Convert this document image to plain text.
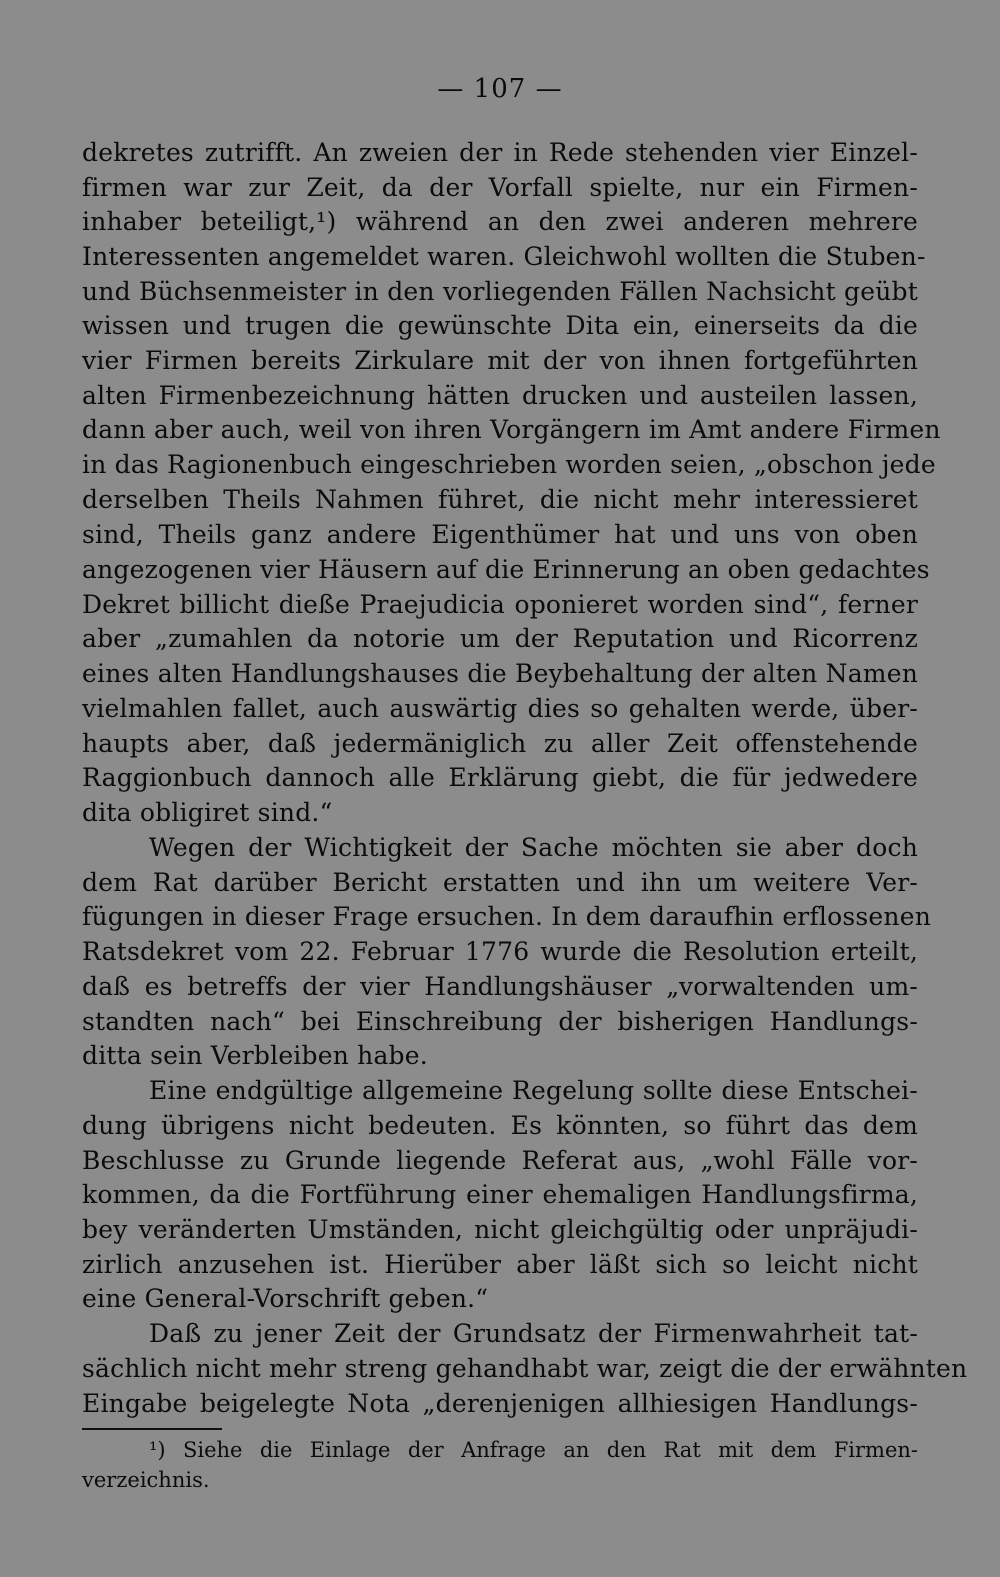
— 107 —
dekretes zutrifft. An zweien der in Rede stehenden vier Einzel-
firmen war zur Zeit, da der Vorfall spielte, nur ein Firmen-
inhaber beteiligt,¹) während an den zwei anderen mehrere
Interessenten angemeldet waren. Gleichwohl wollten die Stuben-
und Büchsenmeister in den vorliegenden Fällen Nachsicht geübt
wissen und trugen die gewünschte Dita ein, einerseits da die
vier Firmen bereits Zirkulare mit der von ihnen fortgeführten
alten Firmenbezeichnung hätten drucken und austeilen lassen,
dann aber auch, weil von ihren Vorgängern im Amt andere Firmen
in das Ragionenbuch eingeschrieben worden seien, „obschon jede
derselben Theils Nahmen führet, die nicht mehr interessieret
sind, Theils ganz andere Eigenthümer hat und uns von oben
angezogenen vier Häusern auf die Erinnerung an oben gedachtes
Dekret billicht dieße Praejudicia oponieret worden sind“, ferner
aber „zumahlen da notorie um der Reputation und Ricorrenz
eines alten Handlungshauses die Beybehaltung der alten Namen
vielmahlen fallet, auch auswärtig dies so gehalten werde, über-
haupts aber, daß jedermäniglich zu aller Zeit offenstehende
Raggionbuch dannoch alle Erklärung giebt, die für jedwedere
dita obligiret sind.“
Wegen der Wichtigkeit der Sache möchten sie aber doch
dem Rat darüber Bericht erstatten und ihn um weitere Ver-
fügungen in dieser Frage ersuchen. In dem daraufhin erflossenen
Ratsdekret vom 22. Februar 1776 wurde die Resolution erteilt,
daß es betreffs der vier Handlungshäuser „vorwaltenden um-
standten nach“ bei Einschreibung der bisherigen Handlungs-
ditta sein Verbleiben habe.
Eine endgültige allgemeine Regelung sollte diese Entschei-
dung übrigens nicht bedeuten. Es könnten, so führt das dem
Beschlusse zu Grunde liegende Referat aus, „wohl Fälle vor-
kommen, da die Fortführung einer ehemaligen Handlungsfirma,
bey veränderten Umständen, nicht gleichgültig oder unpräjudi-
zirlich anzusehen ist. Hierüber aber läßt sich so leicht nicht
eine General-Vorschrift geben.“
Daß zu jener Zeit der Grundsatz der Firmenwahrheit tat-
sächlich nicht mehr streng gehandhabt war, zeigt die der erwähnten
Eingabe beigelegte Nota „derenjenigen allhiesigen Handlungs-
¹) Siehe die Einlage der Anfrage an den Rat mit dem Firmen-
verzeichnis.
